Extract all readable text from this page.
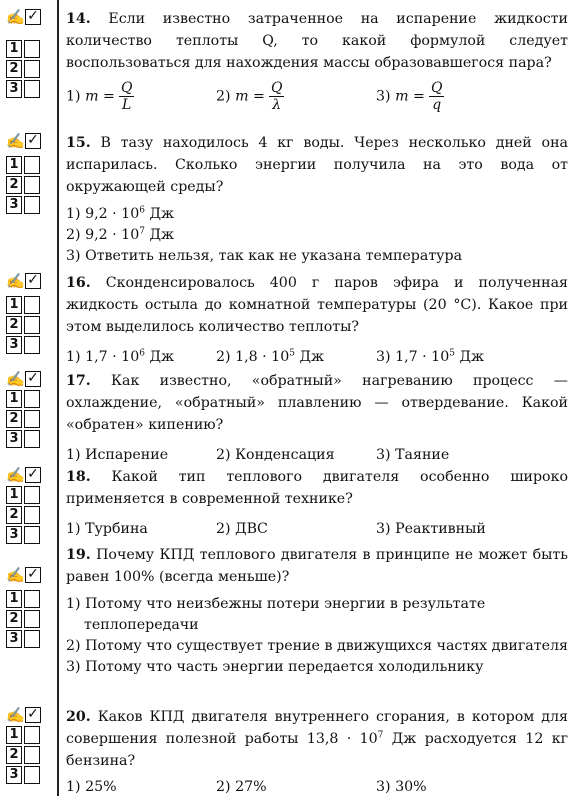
✍ ✓
1
2
3
14. Если известно затраченное на испарение жидкости количество теплоты Q, то какой формулой следует воспользоваться для нахождения массы образовавшегося пара?
1) $m = \frac{Q}{L}$	2) $m = \frac{Q}{\lambda}$	3) $m = \frac{Q}{q}$
✍ ✓
1
2
3
15. В тазу находилось 4 кг воды. Через несколько дней она испарилась. Сколько энергии получила на это вода от окружающей среды?
1) $9,2 \cdot 10^6$ Дж
2) $9,2 \cdot 10^7$ Дж
3) Ответить нельзя, так как не указана температура
✍ ✓
1
2
3
16. Сконденсировалось 400 г паров эфира и полученная жидкость остыла до комнатной температуры (20 °С). Какое при этом выделилось количество теплоты?
1) $1,7 \cdot 10^6$ Дж	2) $1,8 \cdot 10^5$ Дж	3) $1,7 \cdot 10^5$ Дж
✍ ✓
1
2
3
17. Как известно, «обратный» нагреванию процесс — охлаждение, «обратный» плавлению — отвердевание. Какой «обратен» кипению?
1) Испарение	2) Конденсация	3) Таяние
✍ ✓
1
2
3
18. Какой тип теплового двигателя особенно широко применяется в современной технике?
1) Турбина	2) ДВС	3) Реактивный
✍ ✓
1
2
3
19. Почему КПД теплового двигателя в принципе не может быть равен 100% (всегда меньше)?
1) Потому что неизбежны потери энергии в результате теплопередачи
2) Потому что существует трение в движущихся частях двигателя
3) Потому что часть энергии передается холодильнику
✍ ✓
1
2
3
20. Каков КПД двигателя внутреннего сгорания, в котором для совершения полезной работы $13,8 \cdot 10^7$ Дж расходуется 12 кг бензина?
1) 25%	2) 27%	3) 30%
